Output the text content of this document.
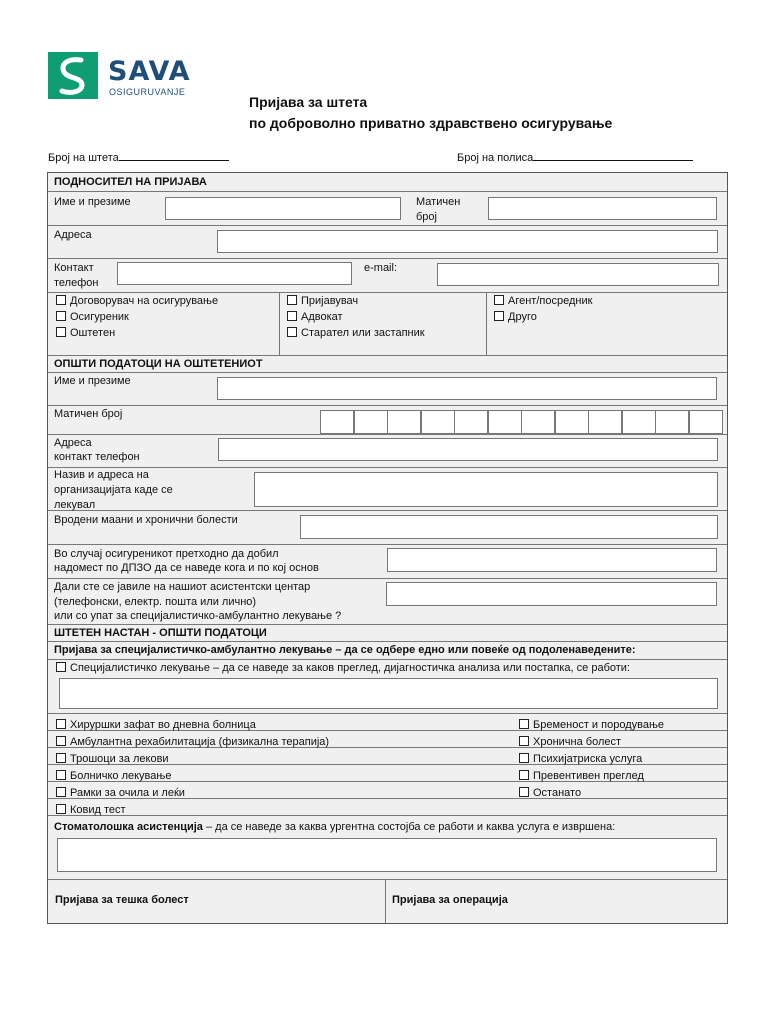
SAVA
OSIGURUVANJE
Пријава за штета
по доброволно приватно здравствено осигурување
Број на штета	Број на полиса
ПОДНОСИТЕЛ НА ПРИЈАВА
Име и презиме	Матичен
број
Адреса
Контакт
телефон
e-mail:
Договорувач на осигурување
Осигуреник
Оштетен
Пријавувач
Адвокат
Старател или застапник
Агент/посредник
Друго
ОПШТИ ПОДАТОЦИ НА ОШТЕТЕНИОТ
Име и презиме
Матичен број
Адреса
контакт телефон
Назив и адреса на
организацијата каде се
лекувал
Вродени маани и хронични болести
Во случај осигуреникот претходно да добил
надомест по ДПЗО да се наведе кога и по кој основ
Дали сте се јавиле на нашиот асистентски центар
(телефонски, електр. пошта или лично)
или со упат за специјалистичко-амбулантно лекување ?
ШТЕТЕН НАСТАН - ОПШТИ ПОДАТОЦИ
Пријава за специјалистичко-амбулантно лекување – да се одбере едно или повеќе од подоленаведените:
Специјалистичко лекување – да се наведе за каков преглед, дијагностичка анализа или постапка, се работи:
Хируршки зафат во дневна болница
Амбулантна рехабилитација (физикална терапија)
Трошоци за лекови
Болничко лекување
Рамки за очила и леќи
Ковид тест
Бременост и породување
Хронична болест
Психијатриска услуга
Превентивен преглед
Останато
Стоматолошка асистенција – да се наведе за каква ургентна состојба се работи и каква услуга е извршена:
Пријава за тешка болест	Пријава за операција
